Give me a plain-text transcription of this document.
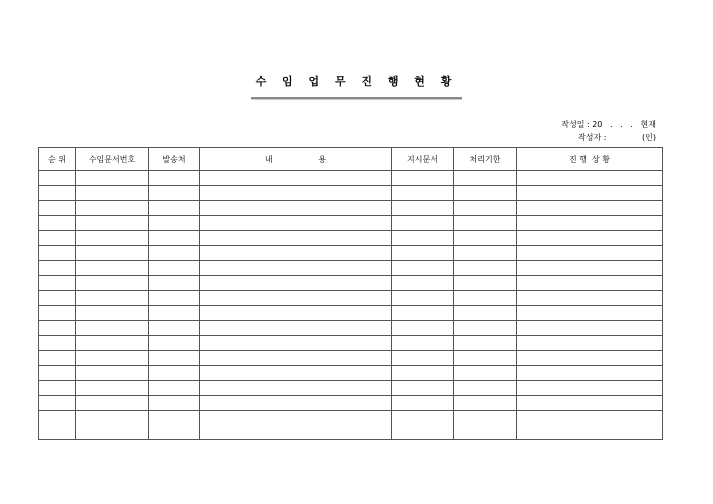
수 임 업 무 진 행 현 황
작성일 : 20   .   .   .   현재
작성자 :              (인)
순 위	수임문서번호	발송처	내                  용	지시문서	처리기한	진 행  상 황
